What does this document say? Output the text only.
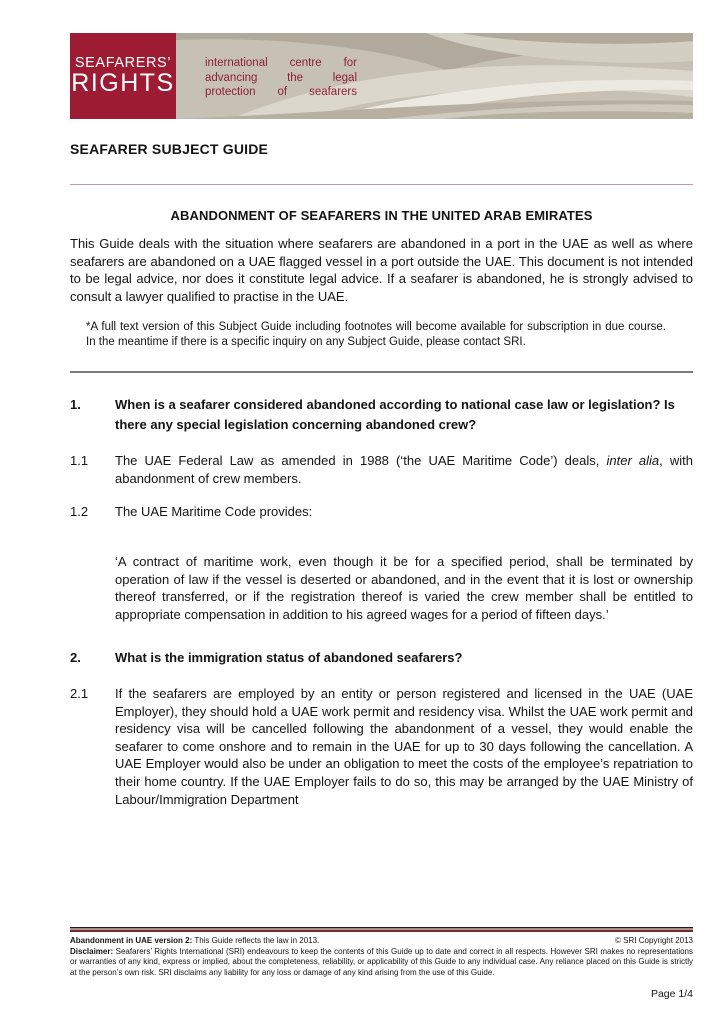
SEAFARERS’
RIGHTS
international centre for
advancing the legal
protection of seafarers
SEAFARER SUBJECT GUIDE
ABANDONMENT OF SEAFARERS IN THE UNITED ARAB EMIRATES

This Guide deals with the situation where seafarers are abandoned in a port in the UAE as well as where seafarers are abandoned on a UAE flagged vessel in a port outside the UAE. This document is not intended to be legal advice, nor does it constitute legal advice. If a seafarer is abandoned, he is strongly advised to consult a lawyer qualified to practise in the UAE.

*A full text version of this Subject Guide including footnotes will become available for subscription in due course. In the meantime if there is a specific inquiry on any Subject Guide, please contact SRI.

1.	When is a seafarer considered abandoned according to national case law or legislation? Is there any special legislation concerning abandoned crew?
1.1	The UAE Federal Law as amended in 1988 (‘the UAE Maritime Code’) deals, inter alia, with abandonment of crew members.
1.2	The UAE Maritime Code provides:

‘A contract of maritime work, even though it be for a specified period, shall be terminated by operation of law if the vessel is deserted or abandoned, and in the event that it is lost or ownership thereof transferred, or if the registration thereof is varied the crew member shall be entitled to appropriate compensation in addition to his agreed wages for a period of fifteen days.’

2.	What is the immigration status of abandoned seafarers?
2.1	If the seafarers are employed by an entity or person registered and licensed in the UAE (UAE Employer), they should hold a UAE work permit and residency visa. Whilst the UAE work permit and residency visa will be cancelled following the abandonment of a vessel, they would enable the seafarer to come onshore and to remain in the UAE for up to 30 days following the cancellation. A UAE Employer would also be under an obligation to meet the costs of the employee’s repatriation to their home country. If the UAE Employer fails to do so, this may be arranged by the UAE Ministry of Labour/Immigration Department
Abandonment in UAE version 2: This Guide reflects the law in 2013.	© SRI Copyright 2013
Disclaimer: Seafarers’ Rights International (SRI) endeavours to keep the contents of this Guide up to date and correct in all respects. However SRI makes no representations or warranties of any kind, express or implied, about the completeness, reliability, or applicability of this Guide to any individual case. Any reliance placed on this Guide is strictly at the person’s own risk. SRI disclaims any liability for any loss or damage of any kind arising from the use of this Guide.
Page 1/4
